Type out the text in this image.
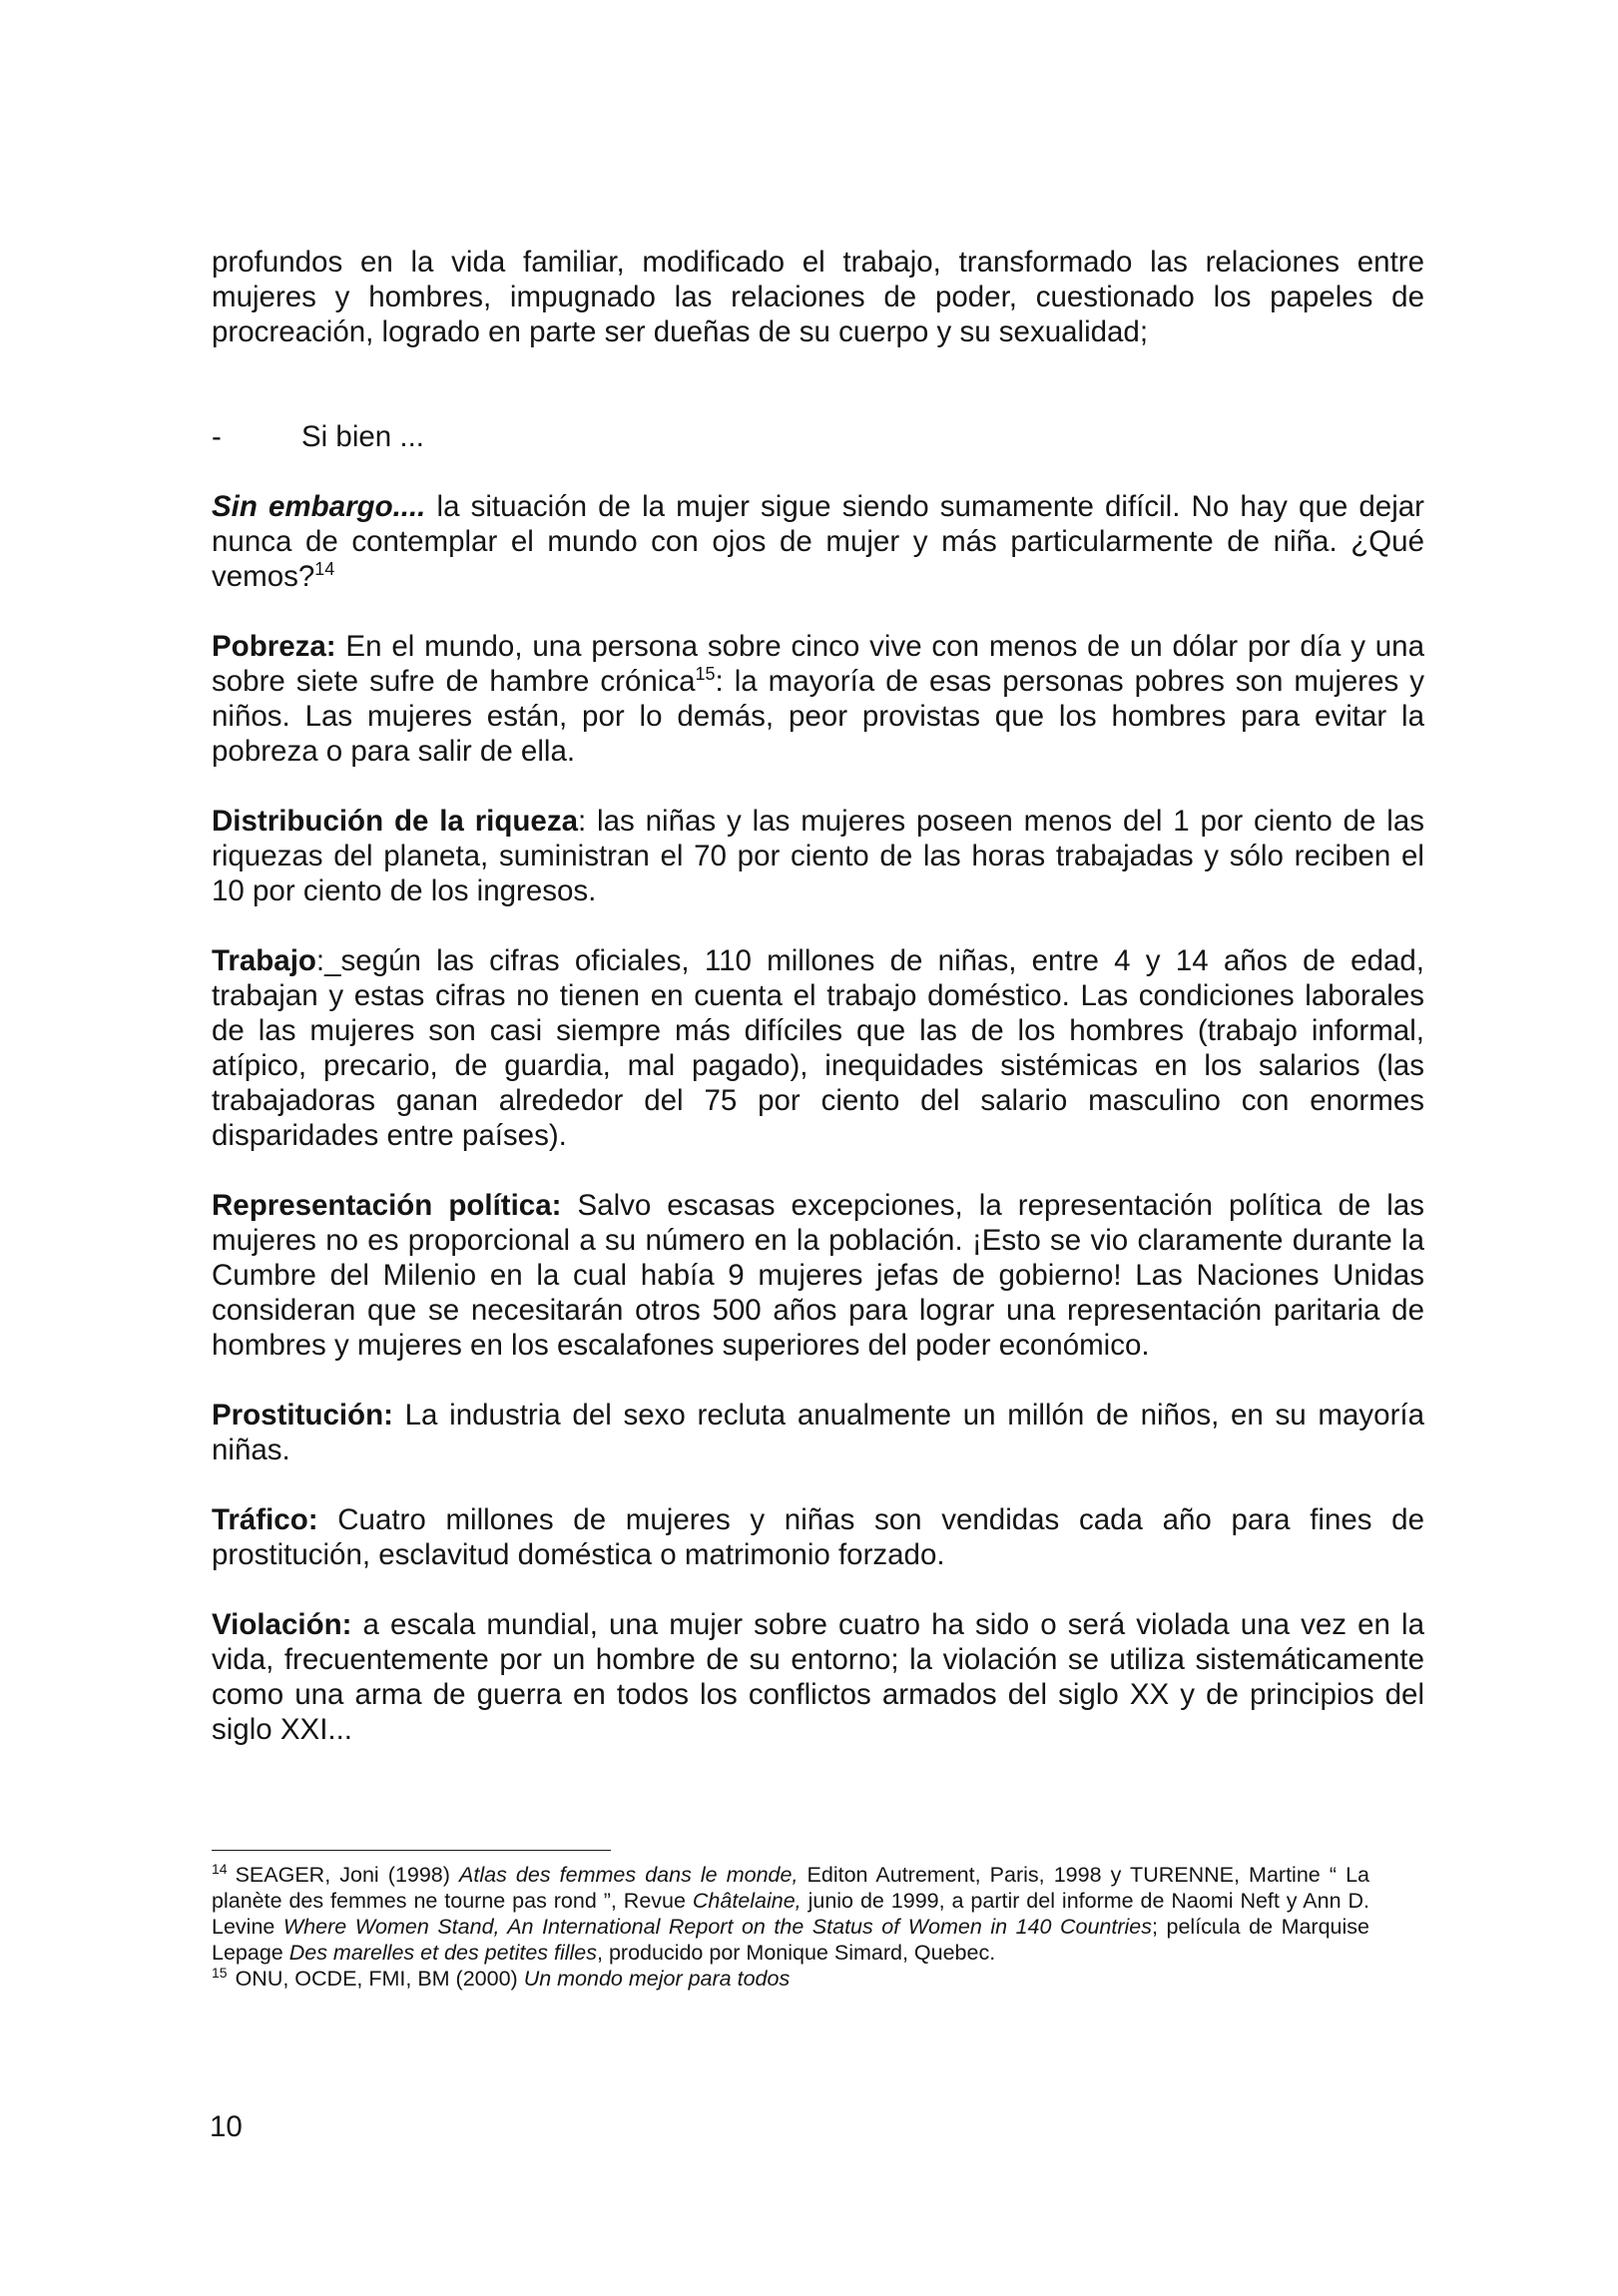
profundos en la vida familiar, modificado el trabajo, transformado las relaciones entre mujeres y hombres, impugnado las relaciones de poder, cuestionado los papeles de procreación, logrado en parte ser dueñas de su cuerpo y su sexualidad;

-	Si bien ...

Sin embargo.... la situación de la mujer sigue siendo sumamente difícil. No hay que dejar nunca de contemplar el mundo con ojos de mujer y más particularmente de niña. ¿Qué vemos?$^{14}$

Pobreza: En el mundo, una persona sobre cinco vive con menos de un dólar por día y una sobre siete sufre de hambre crónica$^{15}$: la mayoría de esas personas pobres son mujeres y niños. Las mujeres están, por lo demás, peor provistas que los hombres para evitar la pobreza o para salir de ella.

Distribución de la riqueza: las niñas y las mujeres poseen menos del 1 por ciento de las riquezas del planeta, suministran el 70 por ciento de las horas trabajadas y sólo reciben el 10 por ciento de los ingresos.

Trabajo:_según las cifras oficiales, 110 millones de niñas, entre 4 y 14 años de edad, trabajan y estas cifras no tienen en cuenta el trabajo doméstico. Las condiciones laborales de las mujeres son casi siempre más difíciles que las de los hombres (trabajo informal, atípico, precario, de guardia, mal pagado), inequidades sistémicas en los salarios (las trabajadoras ganan alrededor del 75 por ciento del salario masculino con enormes disparidades entre países).

Representación política: Salvo escasas excepciones, la representación política de las mujeres no es proporcional a su número en la población. ¡Esto se vio claramente durante la Cumbre del Milenio en la cual había 9 mujeres jefas de gobierno! Las Naciones Unidas consideran que se necesitarán otros 500 años para lograr una representación paritaria de hombres y mujeres en los escalafones superiores del poder económico.

Prostitución: La industria del sexo recluta anualmente un millón de niños, en su mayoría niñas.

Tráfico: Cuatro millones de mujeres y niñas son vendidas cada año para fines de prostitución, esclavitud doméstica o matrimonio forzado.

Violación: a escala mundial, una mujer sobre cuatro ha sido o será violada una vez en la vida, frecuentemente por un hombre de su entorno; la violación se utiliza sistemáticamente como una arma de guerra en todos los conflictos armados del siglo XX y de principios del siglo XXI...

$^{14}$ SEAGER, Joni (1998) Atlas des femmes dans le monde, Editon Autrement, Paris, 1998 y TURENNE, Martine “ La planète des femmes ne tourne pas rond ”, Revue Châtelaine, junio de 1999, a partir del informe de Naomi Neft y Ann D. Levine Where Women Stand, An International Report on the Status of Women in 140 Countries; película de Marquise Lepage Des marelles et des petites filles, producido por Monique Simard, Quebec.

$^{15}$ ONU, OCDE, FMI, BM (2000) Un mondo mejor para todos

10
